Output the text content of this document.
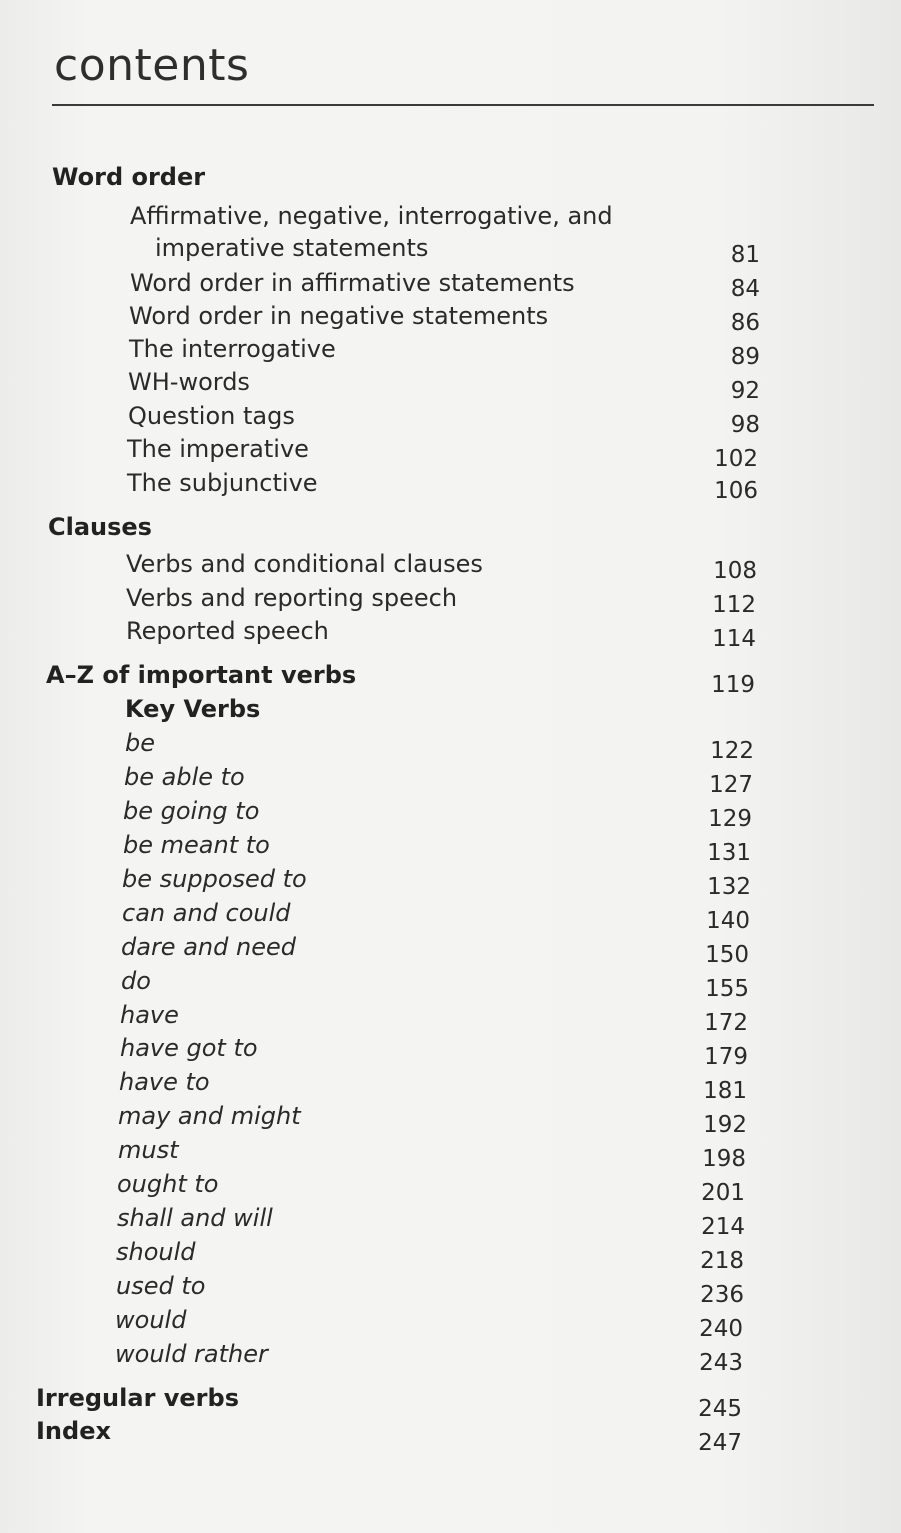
contents

Word order

Affirmative, negative, interrogative, and

imperative statements	81

Word order in affirmative statements	84

Word order in negative statements	86

The interrogative	89

WH-words	92

Question tags	98

The imperative	102

The subjunctive	106

Clauses

Verbs and conditional clauses	108

Verbs and reporting speech	112

Reported speech	114

A–Z of important verbs	119

Key Verbs

be	122

be able to	127

be going to	129

be meant to	131

be supposed to	132

can and could	140

dare and need	150

do	155

have	172

have got to	179

have to	181

may and might	192

must	198

ought to	201

shall and will	214

should	218

used to	236

would	240

would rather	243

Irregular verbs	245

Index	247
